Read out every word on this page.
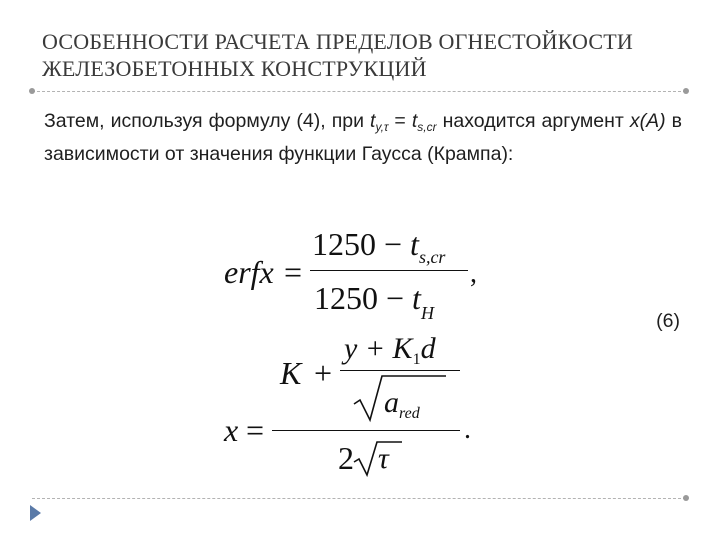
ОСОБЕННОСТИ РАСЧЕТА ПРЕДЕЛОВ ОГНЕСТОЙКОСТИ
ЖЕЛЕЗОБЕТОННЫХ КОНСТРУКЦИЙ
Затем, используя формулу (4), при $t_{y,\tau} = t_{s,cr}$ находится аргумент x(A) в зависимости от значения функции Гаусса (Крампа):
erfx =
$1250 - t_{s,cr}$
$1250 - t_H$
,
x =
K +
$y + K_1d$
$a_{red}$
2 τ
.
(6)
